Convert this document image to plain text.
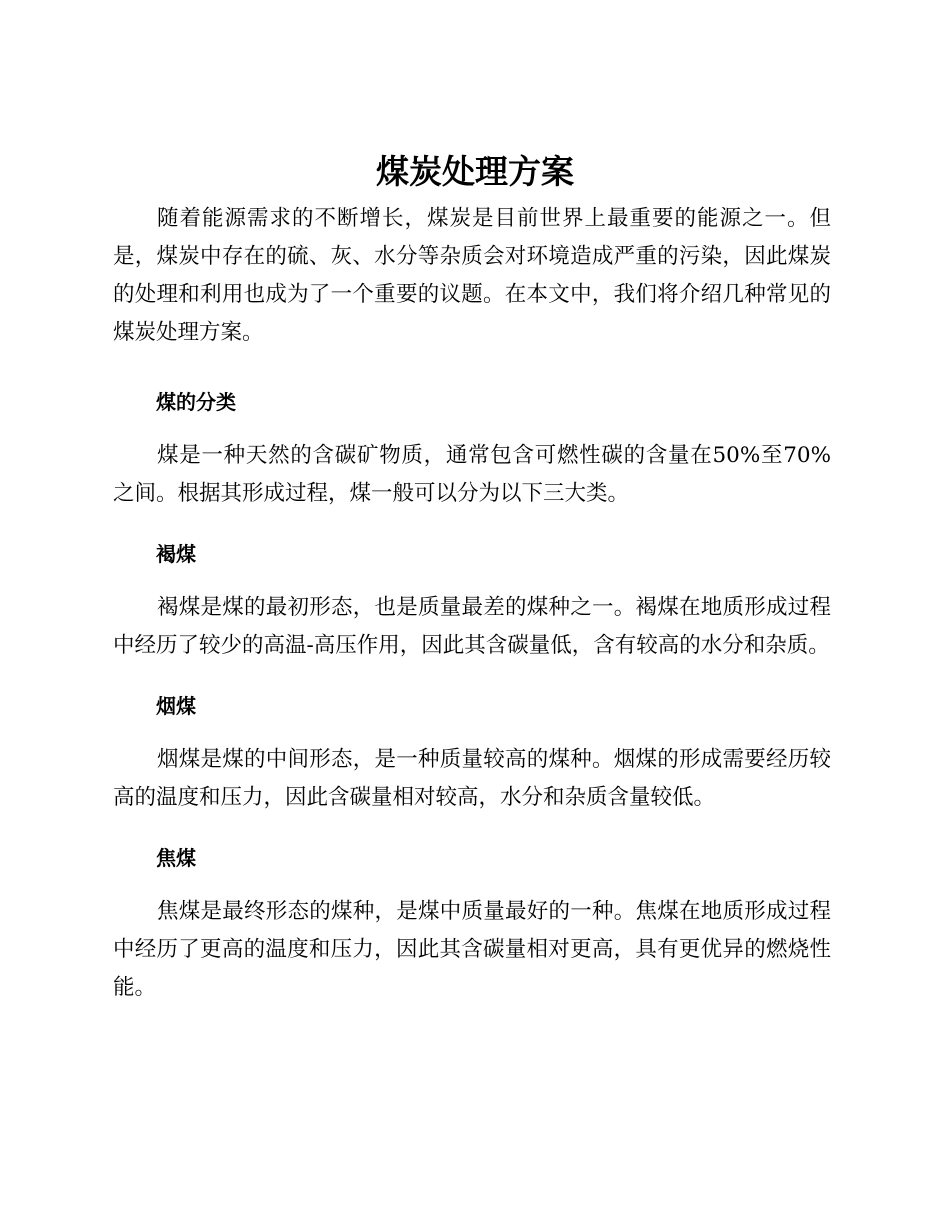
煤炭处理方案

随着能源需求的不断增长，煤炭是目前世界上最重要的能源之一。但是，煤炭中存在的硫、灰、水分等杂质会对环境造成严重的污染，因此煤炭的处理和利用也成为了一个重要的议题。在本文中，我们将介绍几种常见的煤炭处理方案。

煤的分类

煤是一种天然的含碳矿物质，通常包含可燃性碳的含量在50%至70%之间。根据其形成过程，煤一般可以分为以下三大类。

褐煤

褐煤是煤的最初形态，也是质量最差的煤种之一。褐煤在地质形成过程中经历了较少的高温-高压作用，因此其含碳量低，含有较高的水分和杂质。

烟煤

烟煤是煤的中间形态，是一种质量较高的煤种。烟煤的形成需要经历较高的温度和压力，因此含碳量相对较高，水分和杂质含量较低。

焦煤

焦煤是最终形态的煤种，是煤中质量最好的一种。焦煤在地质形成过程中经历了更高的温度和压力，因此其含碳量相对更高，具有更优异的燃烧性能。
